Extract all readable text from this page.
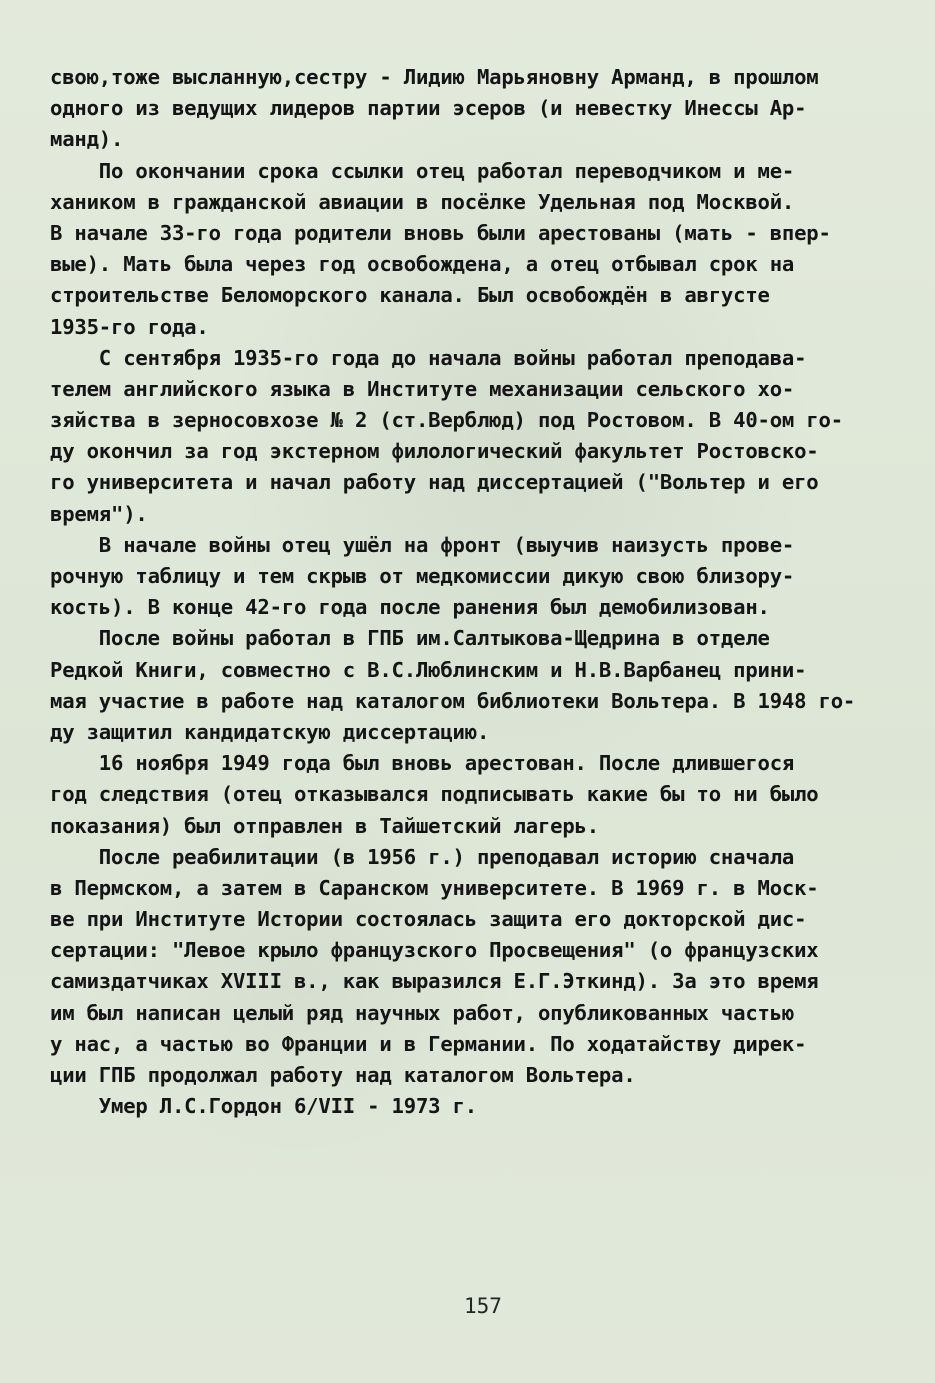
свою,тоже высланную,сестру - Лидию Марьяновну Арманд, в прошлом
одного из ведущих лидеров партии эсеров (и невестку Инессы Ар-
манд).
По окончании срока ссылки отец работал переводчиком и ме-
хаником в гражданской авиации в посёлке Удельная под Москвой.
В начале 33-го года родители вновь были арестованы (мать - впер-
вые). Мать была через год освобождена, а отец отбывал срок на
строительстве Беломорского канала. Был освобождён в августе
1935-го года.
С сентября 1935-го года до начала войны работал преподава-
телем английского языка в Институте механизации сельского хо-
зяйства в зерносовхозе № 2 (ст.Верблюд) под Ростовом. В 40-ом го-
ду окончил за год экстерном филологический факультет Ростовско-
го университета и начал работу над диссертацией ("Вольтер и его
время").
В начале войны отец ушёл на фронт (выучив наизусть прове-
рочную таблицу и тем скрыв от медкомиссии дикую свою близору-
кость). В конце 42-го года после ранения был демобилизован.
После войны работал в ГПБ им.Салтыкова-Щедрина в отделе
Редкой Книги, совместно с В.С.Люблинским и Н.В.Варбанец прини-
мая участие в работе над каталогом библиотеки Вольтера. В 1948 го-
ду защитил кандидатскую диссертацию.
16 ноября 1949 года был вновь арестован. После длившегося
год следствия (отец отказывался подписывать какие бы то ни было
показания) был отправлен в Тайшетский лагерь.
После реабилитации (в 1956 г.) преподавал историю сначала
в Пермском, а затем в Саранском университете. В 1969 г. в Моск-
ве при Институте Истории состоялась защита его докторской дис-
сертации: "Левое крыло французского Просвещения" (о французских
самиздатчиках XVIII в., как выразился Е.Г.Эткинд). За это время
им был написан целый ряд научных работ, опубликованных частью
у нас, а частью во Франции и в Германии. По ходатайству дирек-
ции ГПБ продолжал работу над каталогом Вольтера.
Умер Л.С.Гордон 6/VII - 1973 г.
157
